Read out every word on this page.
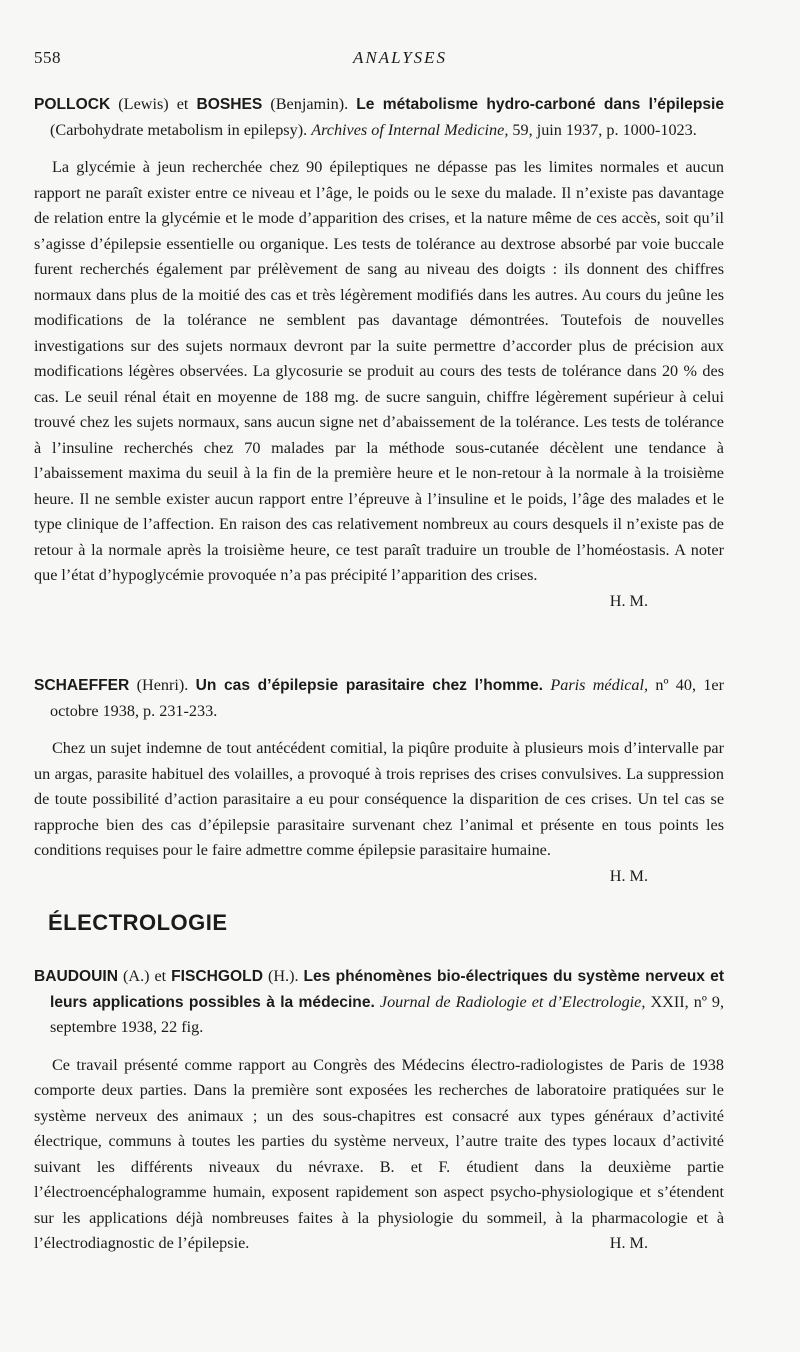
558	ANALYSES
POLLOCK (Lewis) et BOSHES (Benjamin). Le métabolisme hydro-carboné dans l’épilepsie (Carbohydrate metabolism in epilepsy). Archives of Internal Medicine, 59, juin 1937, p. 1000-1023.

La glycémie à jeun recherchée chez 90 épileptiques ne dépasse pas les limites normales et aucun rapport ne paraît exister entre ce niveau et l’âge, le poids ou le sexe du malade. Il n’existe pas davantage de relation entre la glycémie et le mode d’apparition des crises, et la nature même de ces accès, soit qu’il s’agisse d’épilepsie essentielle ou organique. Les tests de tolérance au dextrose absorbé par voie buccale furent recherchés également par prélèvement de sang au niveau des doigts : ils donnent des chiffres normaux dans plus de la moitié des cas et très légèrement modifiés dans les autres. Au cours du jeûne les modifications de la tolérance ne semblent pas davantage démontrées. Toutefois de nouvelles investigations sur des sujets normaux devront par la suite permettre d’accorder plus de précision aux modifications légères observées. La glycosurie se produit au cours des tests de tolérance dans 20 % des cas. Le seuil rénal était en moyenne de 188 mg. de sucre sanguin, chiffre légèrement supérieur à celui trouvé chez les sujets normaux, sans aucun signe net d’abaissement de la tolérance. Les tests de tolérance à l’insuline recherchés chez 70 malades par la méthode sous-cutanée décèlent une tendance à l’abaissement maxima du seuil à la fin de la première heure et le non-retour à la normale à la troisième heure. Il ne semble exister aucun rapport entre l’épreuve à l’insuline et le poids, l’âge des malades et le type clinique de l’affection. En raison des cas relativement nombreux au cours desquels il n’existe pas de retour à la normale après la troisième heure, ce test paraît traduire un trouble de l’homéostasis. A noter que l’état d’hypoglycémie provoquée n’a pas précipité l’apparition des crises.

H. M.
SCHAEFFER (Henri). Un cas d’épilepsie parasitaire chez l’homme. Paris médical, nº 40, 1er octobre 1938, p. 231-233.

Chez un sujet indemne de tout antécédent comitial, la piqûre produite à plusieurs mois d’intervalle par un argas, parasite habituel des volailles, a provoqué à trois reprises des crises convulsives. La suppression de toute possibilité d’action parasitaire a eu pour conséquence la disparition de ces crises. Un tel cas se rapproche bien des cas d’épilepsie parasitaire survenant chez l’animal et présente en tous points les conditions requises pour le faire admettre comme épilepsie parasitaire humaine.

H. M.
ÉLECTROLOGIE
BAUDOUIN (A.) et FISCHGOLD (H.). Les phénomènes bio-électriques du système nerveux et leurs applications possibles à la médecine. Journal de Radiologie et d’Electrologie, XXII, nº 9, septembre 1938, 22 fig.

Ce travail présenté comme rapport au Congrès des Médecins électro-radiologistes de Paris de 1938 comporte deux parties. Dans la première sont exposées les recherches de laboratoire pratiquées sur le système nerveux des animaux ; un des sous-chapitres est consacré aux types généraux d’activité électrique, communs à toutes les parties du système nerveux, l’autre traite des types locaux d’activité suivant les différents niveaux du névraxe. B. et F. étudient dans la deuxième partie l’électroencéphalogramme humain, exposent rapidement son aspect psycho-physiologique et s’étendent sur les applications déjà nombreuses faites à la physiologie du sommeil, à la pharmacologie et à l’électrodiagnostic de l’épilepsie.	H. M.
